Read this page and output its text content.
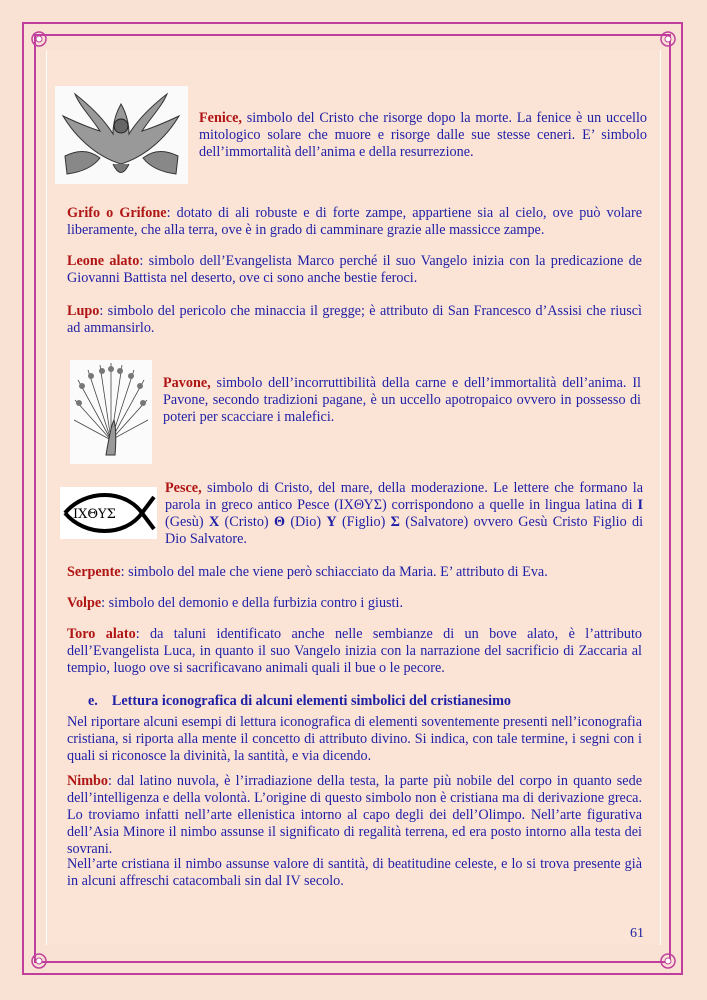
Fenice, simbolo del Cristo che risorge dopo la morte. La fenice è un uccello mitologico solare che muore e risorge dalle sue stesse ceneri. E’ simbolo dell’immortalità dell’anima e della resurrezione.
Grifo o Grifone: dotato di ali robuste e di forte zampe, appartiene sia al cielo, ove può volare liberamente, che alla terra, ove è in grado di camminare grazie alle massicce zampe.
Leone alato: simbolo dell’Evangelista Marco perché il suo Vangelo inizia con la predicazione de Giovanni Battista nel deserto, ove ci sono anche bestie feroci.
Lupo: simbolo del pericolo che minaccia il gregge; è attributo di San Francesco d’Assisi che riuscì ad ammansirlo.
Pavone, simbolo dell’incorruttibilità della carne e dell’immortalità dell’anima. Il Pavone, secondo tradizioni pagane, è un uccello apotropaico ovvero in possesso di poteri per scacciare i malefici.
ΙΧΘΥΣ
Pesce, simbolo di Cristo, del mare, della moderazione. Le lettere che formano la parola in greco antico Pesce (ΙΧΘΥΣ) corrispondono a quelle in lingua latina di I (Gesù) X (Cristo) Θ (Dio) Y (Figlio) Σ (Salvatore) ovvero Gesù Cristo Figlio di Dio Salvatore.
Serpente: simbolo del male che viene però schiacciato da Maria. E’ attributo di Eva.
Volpe: simbolo del demonio e della furbizia contro i giusti.
Toro alato: da taluni identificato anche nelle sembianze di un bove alato, è l’attributo dell’Evangelista Luca, in quanto il suo Vangelo inizia con la narrazione del sacrificio di Zaccaria al tempio, luogo ove si sacrificavano animali quali il bue o le pecore.
e. Lettura iconografica di alcuni elementi simbolici del cristianesimo
Nel riportare alcuni esempi di lettura iconografica di elementi soventemente presenti nell’iconografia cristiana, si riporta alla mente il concetto di attributo divino. Si indica, con tale termine, i segni con i quali si riconosce la divinità, la santità, e via dicendo.
Nimbo: dal latino nuvola, è l’irradiazione della testa, la parte più nobile del corpo in quanto sede dell’intelligenza e della volontà. L’origine di questo simbolo non è cristiana ma di derivazione greca. Lo troviamo infatti nell’arte ellenistica intorno al capo degli dei dell’Olimpo. Nell’arte figurativa dell’Asia Minore il nimbo assunse il significato di regalità terrena, ed era posto intorno alla testa dei sovrani.
Nell’arte cristiana il nimbo assunse valore di santità, di beatitudine celeste, e lo si trova presente già in alcuni affreschi catacombali sin dal IV secolo.
61
